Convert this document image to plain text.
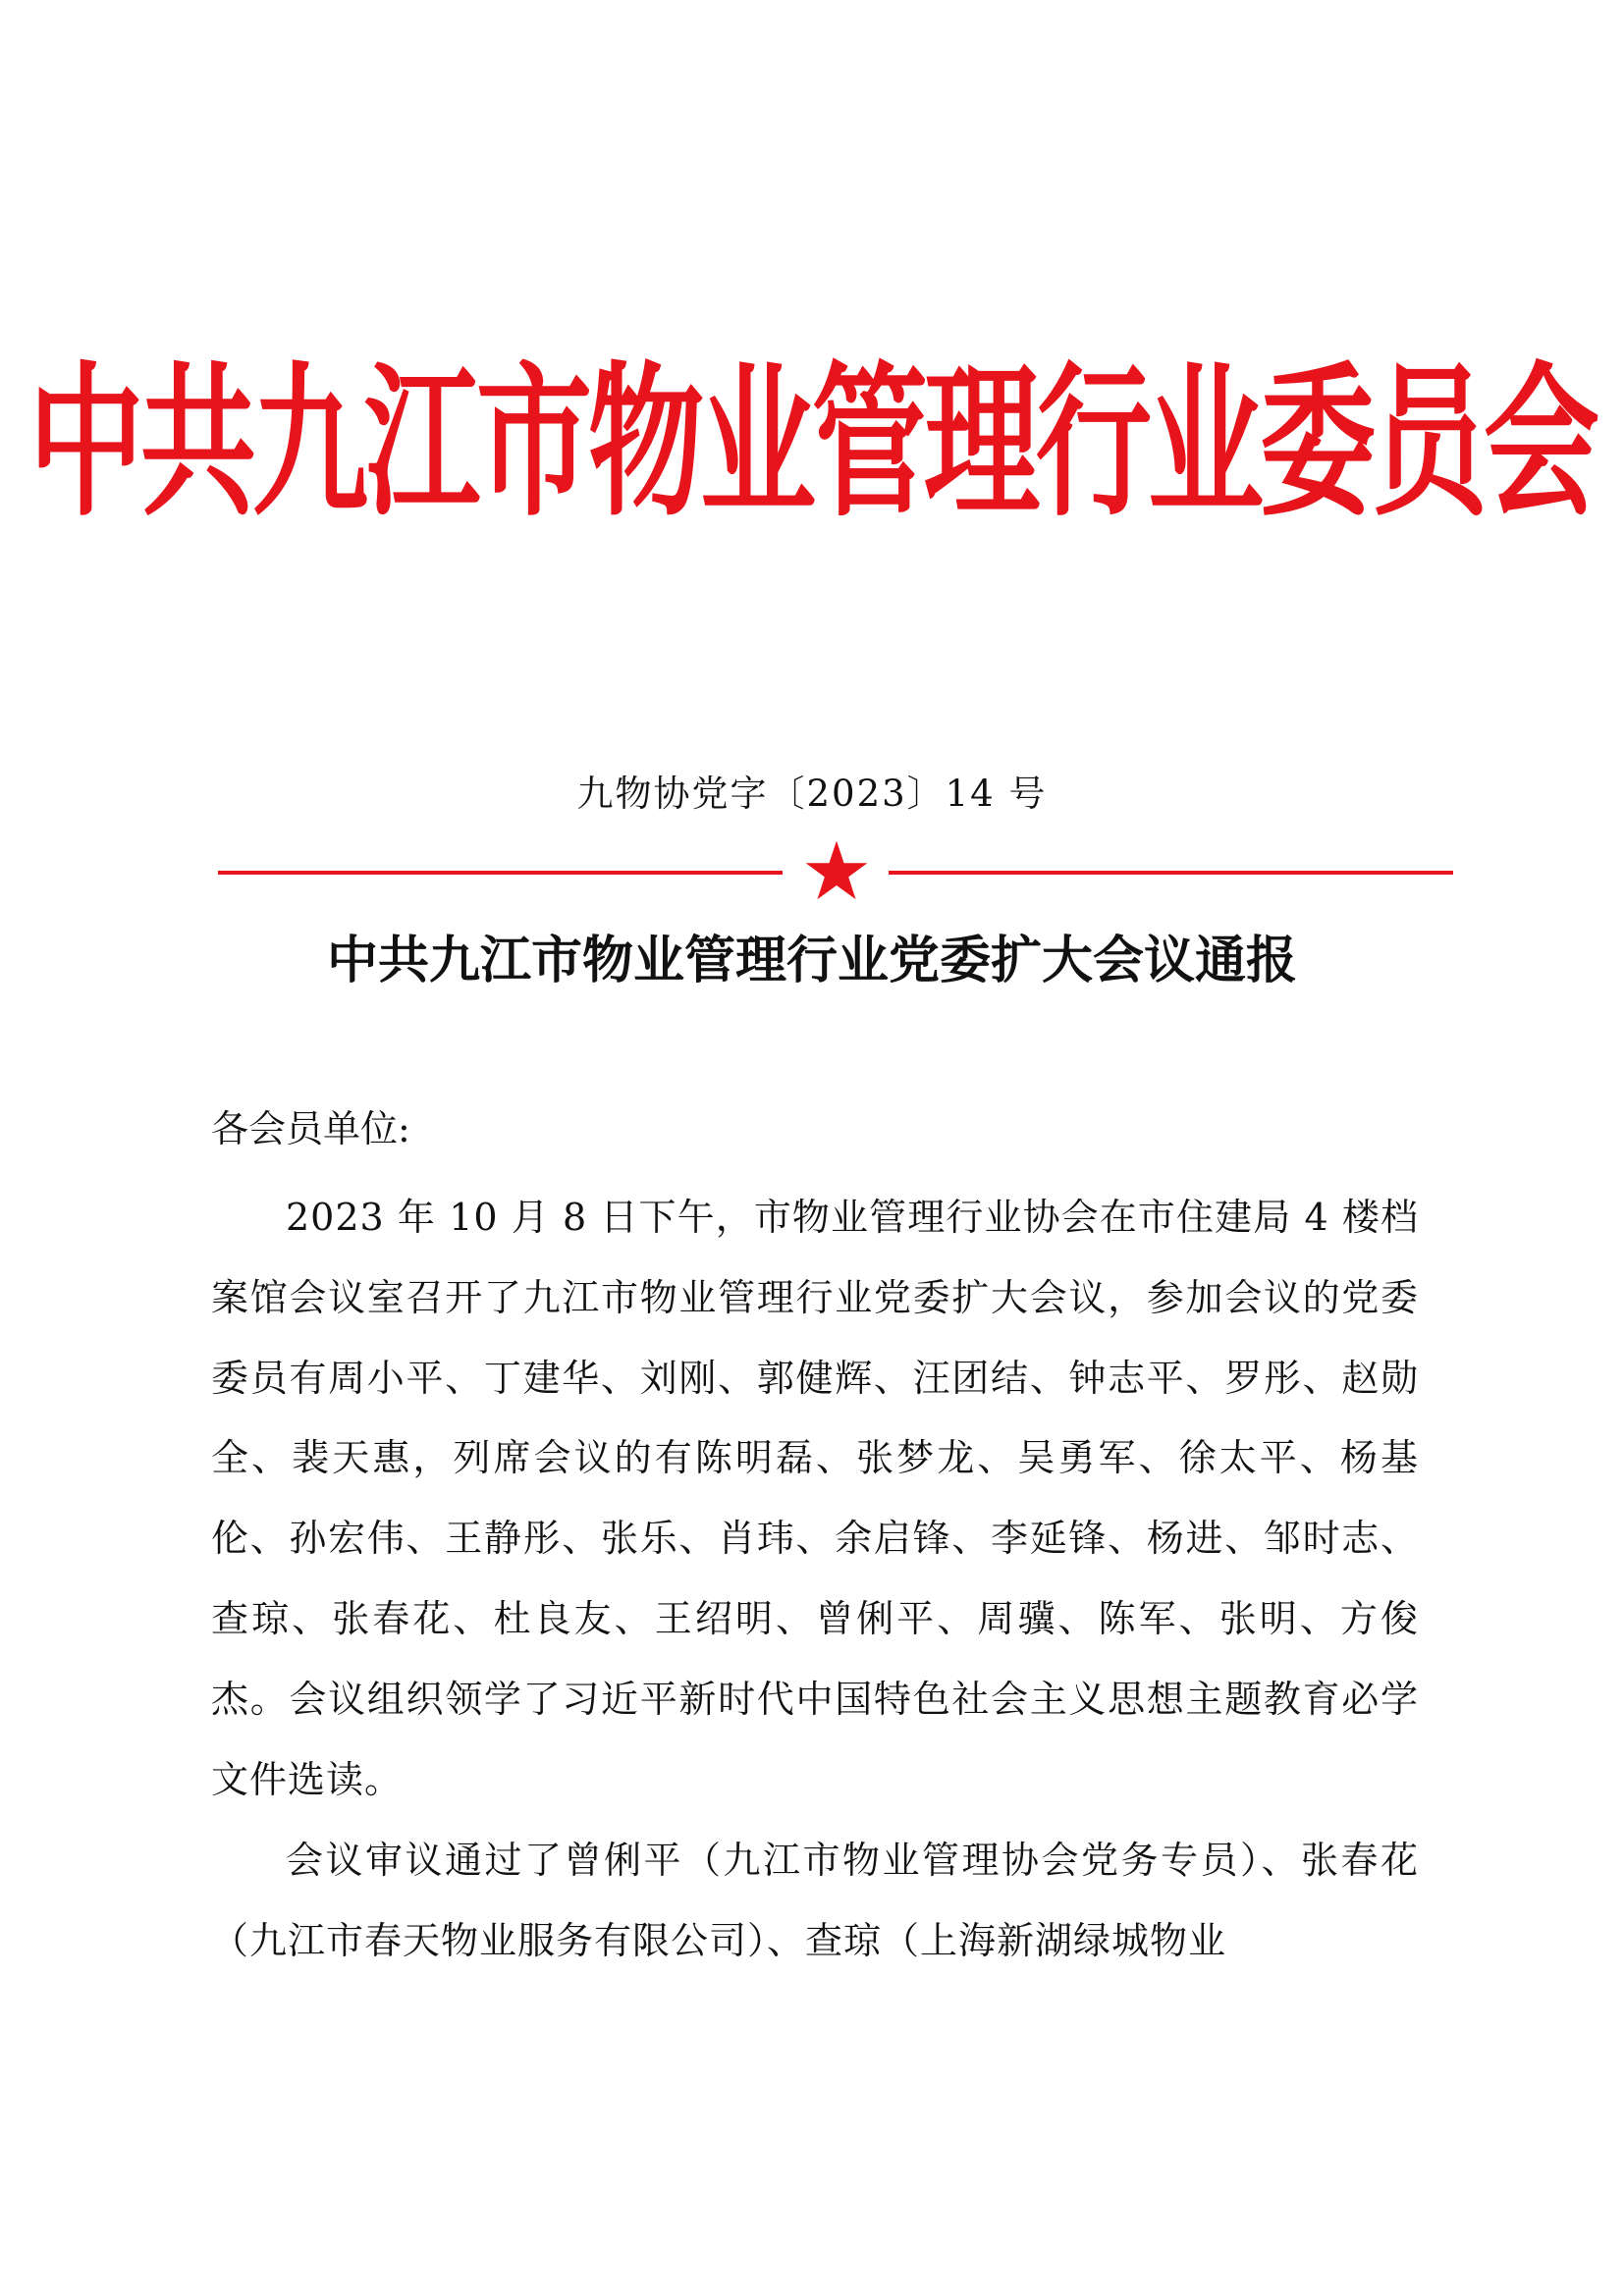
中共九江市物业管理行业委员会
九物协党字〔2023〕14 号
中共九江市物业管理行业党委扩大会议通报
各会员单位:
2023 年 10 月 8 日下午，市物业管理行业协会在市住建局 4 楼档案馆会议室召开了九江市物业管理行业党委扩大会议，参加会议的党委委员有周小平、丁建华、刘刚、郭健辉、汪团结、钟志平、罗彤、赵勋全、裴天惠，列席会议的有陈明磊、张梦龙、吴勇军、徐太平、杨基伦、孙宏伟、王静彤、张乐、肖玮、余启锋、李延锋、杨进、邹时志、查琼、张春花、杜良友、王绍明、曾俐平、周骥、陈军、张明、方俊杰。会议组织领学了习近平新时代中国特色社会主义思想主题教育必学文件选读。
会议审议通过了曾俐平（九江市物业管理协会党务专员）、张春花（九江市春天物业服务有限公司）、查琼（上海新湖绿城物业
